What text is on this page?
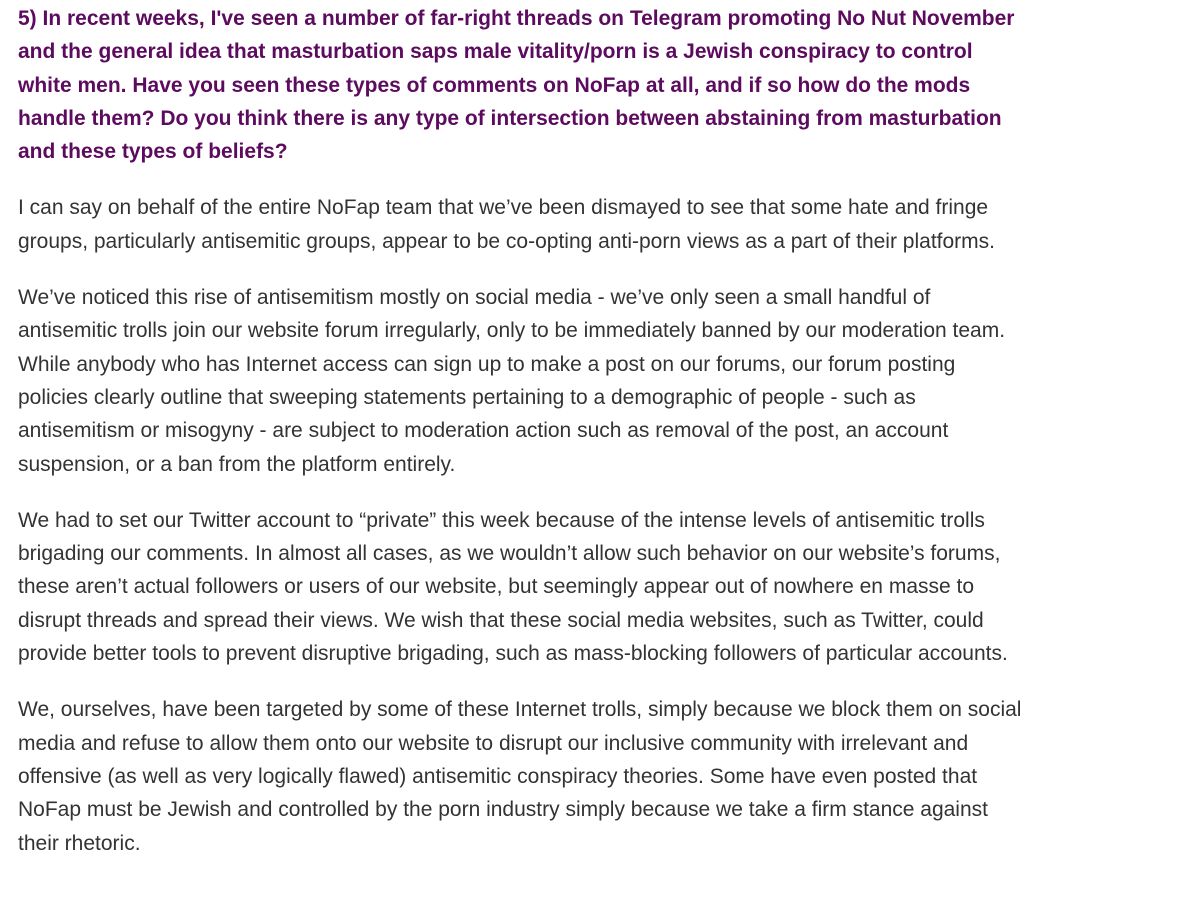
5) In recent weeks, I've seen a number of far-right threads on Telegram promoting No Nut November
and the general idea that masturbation saps male vitality/porn is a Jewish conspiracy to control
white men. Have you seen these types of comments on NoFap at all, and if so how do the mods
handle them? Do you think there is any type of intersection between abstaining from masturbation
and these types of beliefs?

I can say on behalf of the entire NoFap team that we’ve been dismayed to see that some hate and fringe
groups, particularly antisemitic groups, appear to be co-opting anti-porn views as a part of their platforms.

We’ve noticed this rise of antisemitism mostly on social media - we’ve only seen a small handful of
antisemitic trolls join our website forum irregularly, only to be immediately banned by our moderation team.
While anybody who has Internet access can sign up to make a post on our forums, our forum posting
policies clearly outline that sweeping statements pertaining to a demographic of people - such as
antisemitism or misogyny - are subject to moderation action such as removal of the post, an account
suspension, or a ban from the platform entirely.

We had to set our Twitter account to “private” this week because of the intense levels of antisemitic trolls
brigading our comments. In almost all cases, as we wouldn’t allow such behavior on our website’s forums,
these aren’t actual followers or users of our website, but seemingly appear out of nowhere en masse to
disrupt threads and spread their views. We wish that these social media websites, such as Twitter, could
provide better tools to prevent disruptive brigading, such as mass-blocking followers of particular accounts.

We, ourselves, have been targeted by some of these Internet trolls, simply because we block them on social
media and refuse to allow them onto our website to disrupt our inclusive community with irrelevant and
offensive (as well as very logically flawed) antisemitic conspiracy theories. Some have even posted that
NoFap must be Jewish and controlled by the porn industry simply because we take a firm stance against
their rhetoric.
